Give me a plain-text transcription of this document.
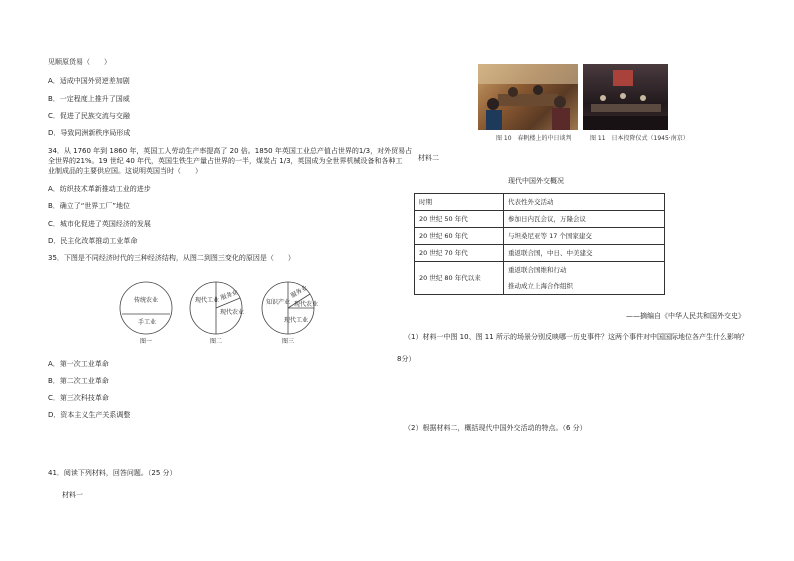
见顺原货易（　　）
A．适成中国外贸逆差加剧
B．一定程度上推升了国威
C．促进了民族交流与交融
D．导致同洲新秩序局形成
34．从 1760 年到 1860 年，英国工人劳动生产率提高了 20 倍。1850 年英国工业总产值占世界的1/3，对外贸易占
全世界的21%。19 世纪 40 年代，英国生铁生产量占世界的一半，煤炭占 1/3，英国成为全世界机械设备和各种工
业制成品的主要供应国。这说明英国当时（　　）
A．纺织技术革新推动工业的进步
B．确立了“世界工厂”地位
C．城市化促进了英国经济的发展
D．民主化改革推动工业革命
35．下图是不同经济时代的三种经济结构，从图二到图三变化的原因是（　　）
传统农业
手工业
图一
现代工业 服务业
现代农业
图二
知识产业
服务业
现代农业
现代工业
图三
A．第一次工业革命
B．第二次工业革命
C．第三次科技革命
D．资本主义生产关系调整
41．阅读下列材料，回答问题。（25 分）
材料一
图 10　春帆楼上的中日谈判	图 11　日本投降仪式（1945·南京）
材料二
现代中国外交概况
时期	代表性外交活动
20 世纪 50 年代	参加日内瓦会议，万隆会议
20 世纪 60 年代	与坦桑尼亚等 17 个国家建交
20 世纪 70 年代	重返联合国，中日、中美建交
20 世纪 80 年代以来	重返联合国维和行动
推动成立上海合作组织
——摘编自《中华人民共和国外交史》
（1）材料一中图 10、图 11 所示的场景分别反映哪一历史事件？这两个事件对中国国际地位各产生什么影响？
8分）
（2）根据材料二，概括现代中国外交活动的特点。（6 分）
